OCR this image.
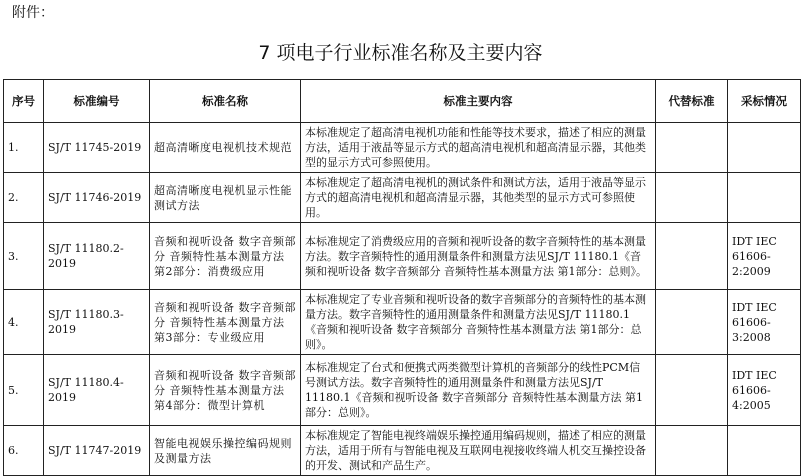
附件：
7 项电子行业标准名称及主要内容
序号	标准编号	标准名称	标准主要内容	代替标准	采标情况
1.	SJ/T 11745-2019	超高清晰度电视机技术规范	本标准规定了超高清电视机功能和性能等技术要求，描述了相应的测量方法，适用于液晶等显示方式的超高清电视机和超高清显示器，其他类型的显示方式可参照使用。		
2.	SJ/T 11746-2019	超高清晰度电视机显示性能测试方法	本标准规定了超高清电视机的测试条件和测试方法，适用于液晶等显示方式的超高清电视机和超高清显示器，其他类型的显示方式可参照使用。		
3.	SJ/T 11180.2-2019	音频和视听设备 数字音频部分 音频特性基本测量方法 第2部分：消费级应用	本标准规定了消费级应用的音频和视听设备的数字音频特性的基本测量方法。数字音频特性的通用测量条件和测量方法见SJ/T 11180.1《音频和视听设备 数字音频部分 音频特性基本测量方法 第1部分：总则》。		IDT IEC 61606-2:2009
4.	SJ/T 11180.3-2019	音频和视听设备 数字音频部分 音频特性基本测量方法 第3部分：专业级应用	本标准规定了专业音频和视听设备的数字音频部分的音频特性的基本测量方法。数字音频特性的通用测量条件和测量方法见SJ/T 11180.1《音频和视听设备 数字音频部分 音频特性基本测量方法 第1部分：总则》。		IDT IEC 61606-3:2008
5.	SJ/T 11180.4-2019	音频和视听设备 数字音频部分 音频特性基本测量方法 第4部分：微型计算机	本标准规定了台式和便携式两类微型计算机的音频部分的线性PCM信号测试方法。数字音频特性的通用测量条件和测量方法见SJ/T 11180.1《音频和视听设备 数字音频部分 音频特性基本测量方法 第1部分：总则》。		IDT IEC 61606-4:2005
6.	SJ/T 11747-2019	智能电视娱乐操控编码规则及测量方法	本标准规定了智能电视终端娱乐操控通用编码规则，描述了相应的测量方法，适用于所有与智能电视及互联网电视接收终端人机交互操控设备的开发、测试和产品生产。		
